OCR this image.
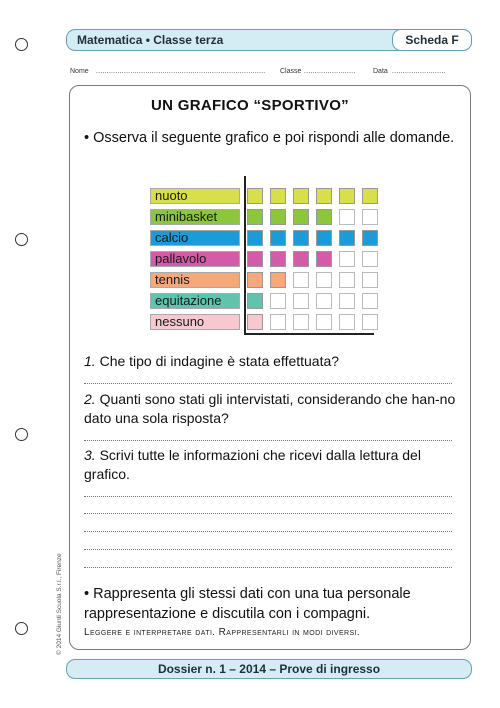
Matematica • Classe terza	Scheda F
Nome ............................................................................... Classe ........................	Data .........................
UN GRAFICO “SPORTIVO”
• Osserva il seguente grafico e poi rispondi alle domande.
nuoto
minibasket
calcio
pallavolo
tennis
equitazione
nessuno
1. Che tipo di indagine è stata effettuata?
2. Quanti sono stati gli intervistati, considerando che han-no dato una sola risposta?
3. Scrivi tutte le informazioni che ricevi dalla lettura del grafico.
• Rappresenta gli stessi dati con una tua personale rappresentazione e discutila con i compagni.
Leggere e interpretare dati. Rappresentarli in modi diversi.
© 2014 Giunti Scuola S.r.l., Firenze
Dossier n. 1 – 2014 – Prove di ingresso
